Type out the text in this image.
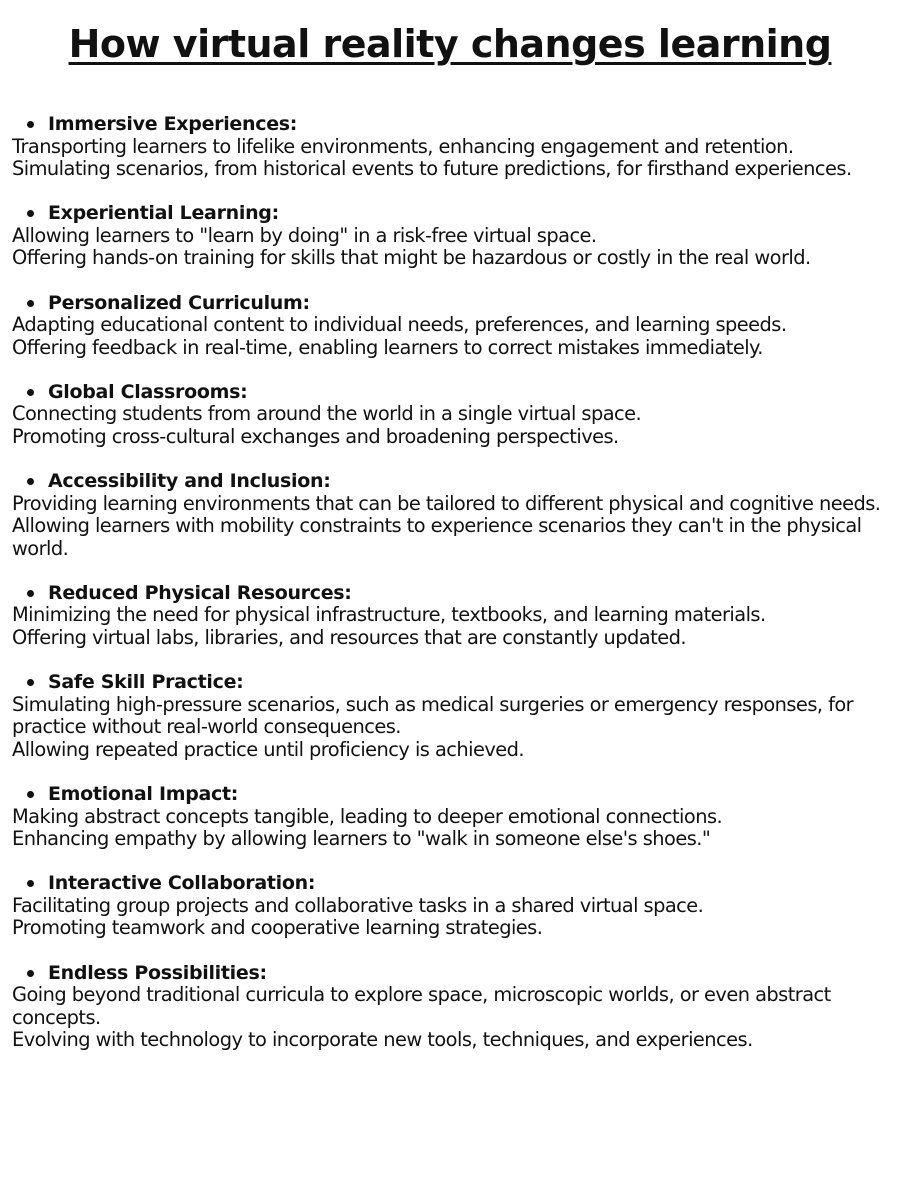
How virtual reality changes learning
Immersive Experiences:
Transporting learners to lifelike environments, enhancing engagement and retention.
Simulating scenarios, from historical events to future predictions, for firsthand experiences.
Experiential Learning:
Allowing learners to "learn by doing" in a risk-free virtual space.
Offering hands-on training for skills that might be hazardous or costly in the real world.
Personalized Curriculum:
Adapting educational content to individual needs, preferences, and learning speeds.
Offering feedback in real-time, enabling learners to correct mistakes immediately.
Global Classrooms:
Connecting students from around the world in a single virtual space.
Promoting cross-cultural exchanges and broadening perspectives.
Accessibility and Inclusion:
Providing learning environments that can be tailored to different physical and cognitive needs.
Allowing learners with mobility constraints to experience scenarios they can't in the physical world.
Reduced Physical Resources:
Minimizing the need for physical infrastructure, textbooks, and learning materials.
Offering virtual labs, libraries, and resources that are constantly updated.
Safe Skill Practice:
Simulating high-pressure scenarios, such as medical surgeries or emergency responses, for practice without real-world consequences.
Allowing repeated practice until proficiency is achieved.
Emotional Impact:
Making abstract concepts tangible, leading to deeper emotional connections.
Enhancing empathy by allowing learners to "walk in someone else's shoes."
Interactive Collaboration:
Facilitating group projects and collaborative tasks in a shared virtual space.
Promoting teamwork and cooperative learning strategies.
Endless Possibilities:
Going beyond traditional curricula to explore space, microscopic worlds, or even abstract concepts.
Evolving with technology to incorporate new tools, techniques, and experiences.
